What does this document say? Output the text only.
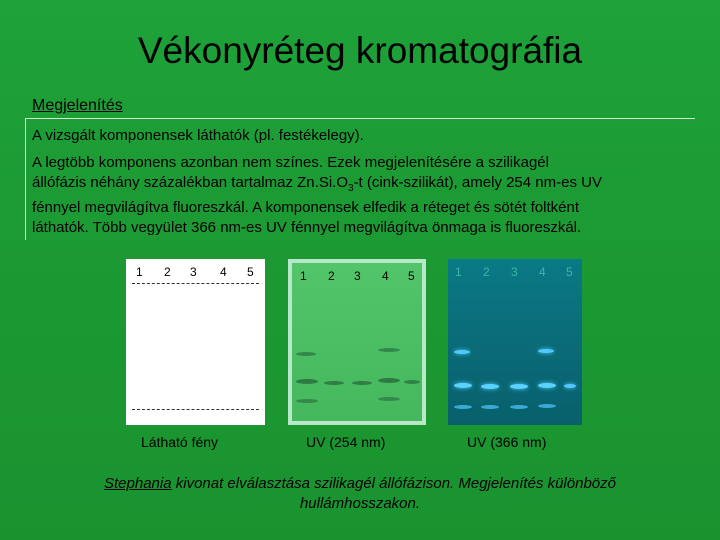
Vékonyréteg kromatográfia
Megjelenítés
A vizsgált komponensek láthatók (pl. festékelegy).
A legtöbb komponens azonban nem színes. Ezek megjelenítésére a szilikagél
állófázis néhány százalékban tartalmaz $Zn.Si.O_3-t$ (cink-szilikát), amely 254 nm-es UV
fénnyel megvilágítva fluoreszkál. A komponensek elfedik a réteget és sötét foltként
láthatók. Több vegyület 366 nm-es UV fénnyel megvilágítva önmaga is fluoreszkál.
1 2 3 4 5	1 2 3 4 5	1 2 3 4 5
Látható fény	UV (254 nm)	UV (366 nm)
Stephania kivonat elválasztása szilikagél állófázison. Megjelenítés különböző
hullámhosszakon.
